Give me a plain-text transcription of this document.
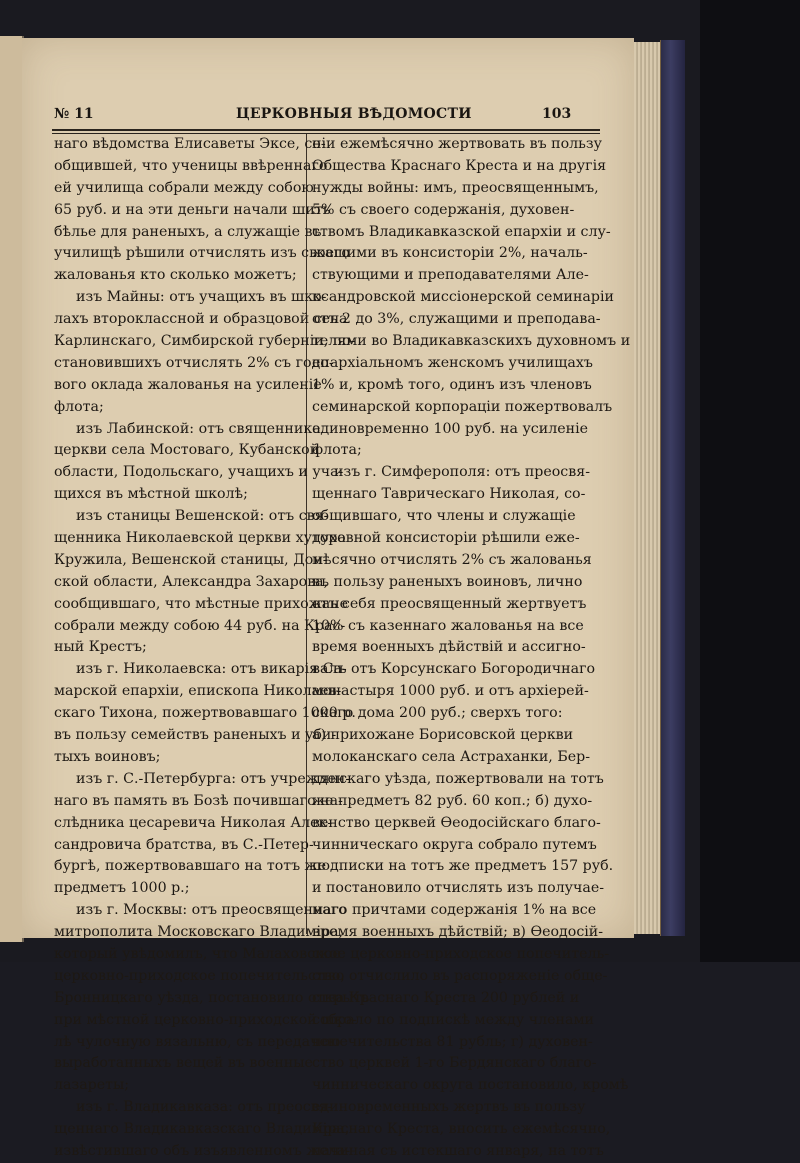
№ 11	ЦЕРКОВНЫЯ ВѢДОМОСТИ	103
наго вѣдомства Елисаветы Эксе, со-
общившей, что ученицы ввѣреннаго
ей училища собрали между собою
65 руб. и на эти деньги начали шить
бѣлье для раненыхъ, а служащіе въ
училищѣ рѣшили отчислять изъ своего
жалованья кто сколько можетъ;
изъ Майны: отъ учащихъ въ шко-
лахъ второклассной и образцовой села
Карлинскаго, Симбирской губерніи, по-
становившихъ отчислять 2% съ годо-
вого оклада жалованья на усиленіе
флота;
изъ Лабинской: отъ священника
церкви села Мостоваго, Кубанской
области, Подольскаго, учащихъ и уча-
щихся въ мѣстной школѣ;
изъ станицы Вешенской: отъ свя-
щенника Николаевской церкви хутора
Кружила, Вешенской станицы, Дон-
ской области, Александра Захарова,
сообщившаго, что мѣстные прихожане
собрали между собою 44 руб. на Крас-
ный Крестъ;
изъ г. Николаевска: отъ викарія Са-
марской епархіи, епископа Николаев-
скаго Тихона, пожертвовавшаго 1000 р.
въ пользу семействъ раненыхъ и уби-
тыхъ воиновъ;
изъ г. С.-Петербурга: отъ учрежден-
наго въ память въ Бозѣ почившаго на-
слѣдника цесаревича Николая Алек-
сандровича братства, въ С.-Петер-
бургѣ, пожертвовавшаго на тотъ же
предметъ 1000 р.;
изъ г. Москвы: отъ преосвященнаго
митрополита Московскаго Владиміра,
который увѣдомилъ, что Малаховское
церковно-приходское попечительство,
Бронницкаго уѣзда, постановило открыть
при мѣстной церковно-приходской шко-
лѣ чулочную вязальню, съ передачею
выработанныхъ вещей въ военные
лазареты;
изъ г. Владикавказа: отъ преосвя-
щеннаго Владикавказскаго Владиміра,
извѣстившаго объ изъявленномъ жела-
ніи ежемѣсячно жертвовать въ пользу
Общества Краснаго Креста и на другія
нужды войны: имъ, преосвященнымъ,
5% съ своего содержанія, духовен-
ствомъ Владикавказской епархіи и слу-
жащими въ консисторіи 2%, началь-
ствующими и преподавателями Але-
ксандровской миссіонерской семинаріи
отъ 2 до 3%, служащими и преподава-
телями во Владикавказскихъ духовномъ и
епархіальномъ женскомъ училищахъ
1% и, кромѣ того, одинъ изъ членовъ
семинарской корпораціи пожертвовалъ
единовременно 100 руб. на усиленіе
флота;
изъ г. Симферополя: отъ преосвя-
щеннаго Таврическаго Николая, со-
общившаго, что члены и служащіе
духовной консисторіи рѣшили еже-
мѣсячно отчислять 2% съ жалованья
въ пользу раненыхъ воиновъ, лично
отъ себя преосвященный жертвуетъ
10% съ казеннаго жалованья на все
время военныхъ дѣйствій и ассигно-
валъ отъ Корсунскаго Богородичнаго
монастыря 1000 руб. и отъ архіерей-
скаго дома 200 руб.; сверхъ того:
а) прихожане Борисовской церкви
молоканскаго села Астраханки, Бер-
дянскаго уѣзда, пожертвовали на тотъ
же предметъ 82 руб. 60 коп.; б) духо-
венство церквей Ѳеодосійскаго благо-
чинническаго округа собрало путемъ
подписки на тотъ же предметъ 157 руб.
и постановило отчислять изъ получае-
маго причтами содержанія 1% на все
время военныхъ дѣйствій; в) Ѳеодосій-
ское церковно-приходское попечитель-
ство отчислило въ распоряженіе обще-
ства Краснаго Креста 200 рублей и
собрало по подпискѣ между членами
попечительства 81 рубль; г) духовен-
ство церквей 1-го Бердянскаго благо-
чинническаго округа постановило, кромѣ
единовременныхъ жертвъ въ пользу
Краснаго Креста, вносить ежемѣсячно,
начиная съ истекшаго января, на тотъ
